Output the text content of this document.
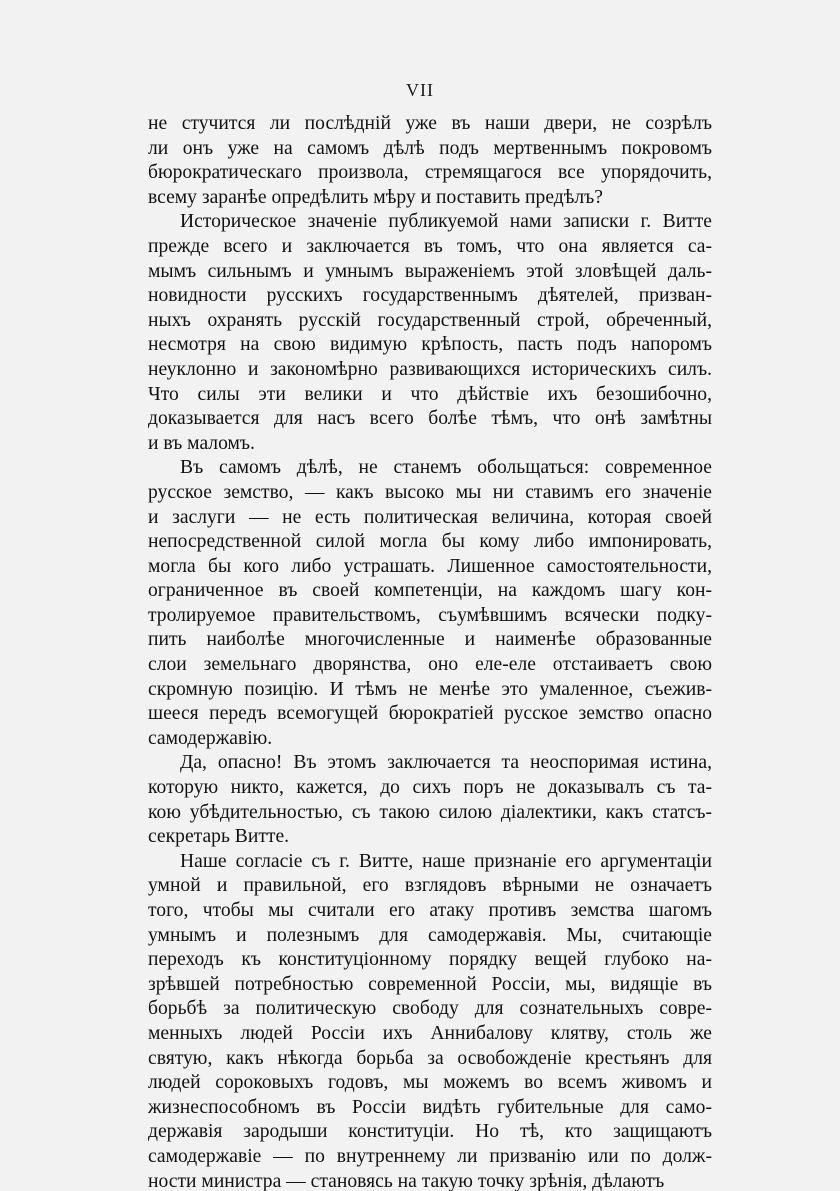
VII
не стучится ли послѣднiй уже въ наши двери, не созрѣлъ
ли онъ уже на самомъ дѣлѣ подъ мертвеннымъ покровомъ
бюрократическаго произвола, стремящагося все упорядочить,
всему заранѣе опредѣлить мѣру и поставить предѣлъ?
Историческое значенiе публикуемой нами записки г. Витте
прежде всего и заключается въ томъ, что она является са-
мымъ сильнымъ и умнымъ выраженiемъ этой зловѣщей даль-
новидности русскихъ государственнымъ дѣятелей, призван-
ныхъ охранять русскiй государственный строй, обреченный,
несмотря на свою видимую крѣпость, пасть подъ напоромъ
неуклонно и закономѣрно развивающихся историческихъ силъ.
Что силы эти велики и что дѣйствiе ихъ безошибочно,
доказывается для насъ всего болѣе тѣмъ, что онѣ замѣтны
и въ маломъ.
Въ самомъ дѣлѣ, не станемъ обольщаться: современное
русское земство, — какъ высоко мы ни ставимъ его значенiе
и заслуги — не есть политическая величина, которая своей
непосредственной силой могла бы кому либо импонировать,
могла бы кого либо устрашать. Лишенное самостоятельности,
ограниченное въ своей компетенцiи, на каждомъ шагу кон-
тролируемое правительствомъ, съумѣвшимъ всячески подку-
пить наиболѣе многочисленные и наименѣе образованные
слои земельнаго дворянства, оно еле-еле отстаиваетъ свою
скромную позицiю. И тѣмъ не менѣе это умаленное, съежив-
шееся передъ всемогущей бюрократiей русское земство опасно
самодержавiю.
Да, опасно! Въ этомъ заключается та неоспоримая истина,
которую никто, кажется, до сихъ поръ не доказывалъ съ та-
кою убѣдительностью, съ такою силою дiалектики, какъ статсъ-
секретарь Витте.
Наше согласiе съ г. Витте, наше признанiе его аргументацiи
умной и правильной, его взглядовъ вѣрными не означаетъ
того, чтобы мы считали его атаку противъ земства шагомъ
умнымъ и полезнымъ для самодержавiя. Мы, считающiе
переходъ къ конституцiонному порядку вещей глубоко на-
зрѣвшей потребностью современной Россiи, мы, видящiе въ
борьбѣ за политическую свободу для сознательныхъ совре-
менныхъ людей Россiи ихъ Аннибалову клятву, столь же
святую, какъ нѣкогда борьба за освобожденiе крестьянъ для
людей сороковыхъ годовъ, мы можемъ во всемъ живомъ и
жизнеспособномъ въ Россiи видѣть губительные для само-
державiя зародыши конституцiи. Но тѣ, кто защищаютъ
самодержавiе — по внутреннему ли призванiю или по долж-
ности министра — становясь на такую точку зрѣнiя, дѣлаютъ
